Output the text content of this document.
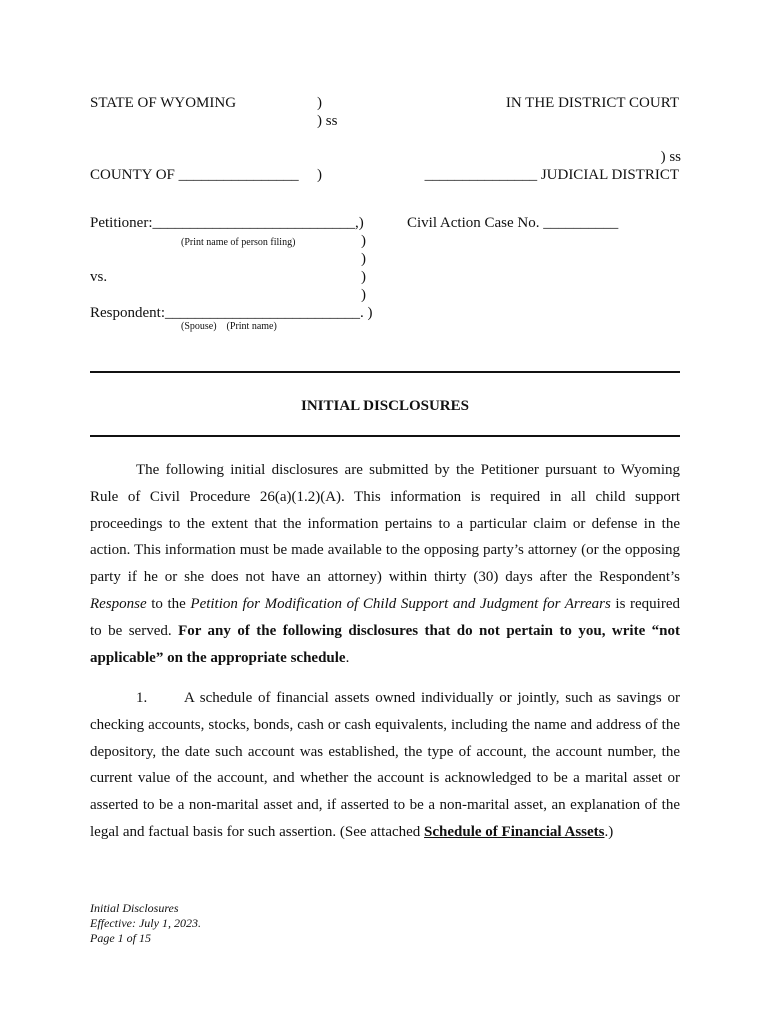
STATE OF WYOMING	)
) ss
IN THE DISTRICT COURT
) ss
COUNTY OF ________________ )	_______________ JUDICIAL DISTRICT
Petitioner:___________________________,)
(Print name of person filing)
Civil Action Case No. __________
)
)
vs.	)
)
Respondent:__________________________. )
(Spouse)    (Print name)
INITIAL DISCLOSURES

The following initial disclosures are submitted by the Petitioner pursuant to Wyoming Rule of Civil Procedure 26(a)(1.2)(A). This information is required in all child support proceedings to the extent that the information pertains to a particular claim or defense in the action. This information must be made available to the opposing party’s attorney (or the opposing party if he or she does not have an attorney) within thirty (30) days after the Respondent’s Response to the Petition for Modification of Child Support and Judgment for Arrears is required to be served. For any of the following disclosures that do not pertain to you, write “not applicable” on the appropriate schedule.

1. A schedule of financial assets owned individually or jointly, such as savings or checking accounts, stocks, bonds, cash or cash equivalents, including the name and address of the depository, the date such account was established, the type of account, the account number, the current value of the account, and whether the account is acknowledged to be a marital asset or asserted to be a non-marital asset and, if asserted to be a non-marital asset, an explanation of the legal and factual basis for such assertion. (See attached Schedule of Financial Assets.)

Initial Disclosures
Effective: July 1, 2023.
Page 1 of 15
